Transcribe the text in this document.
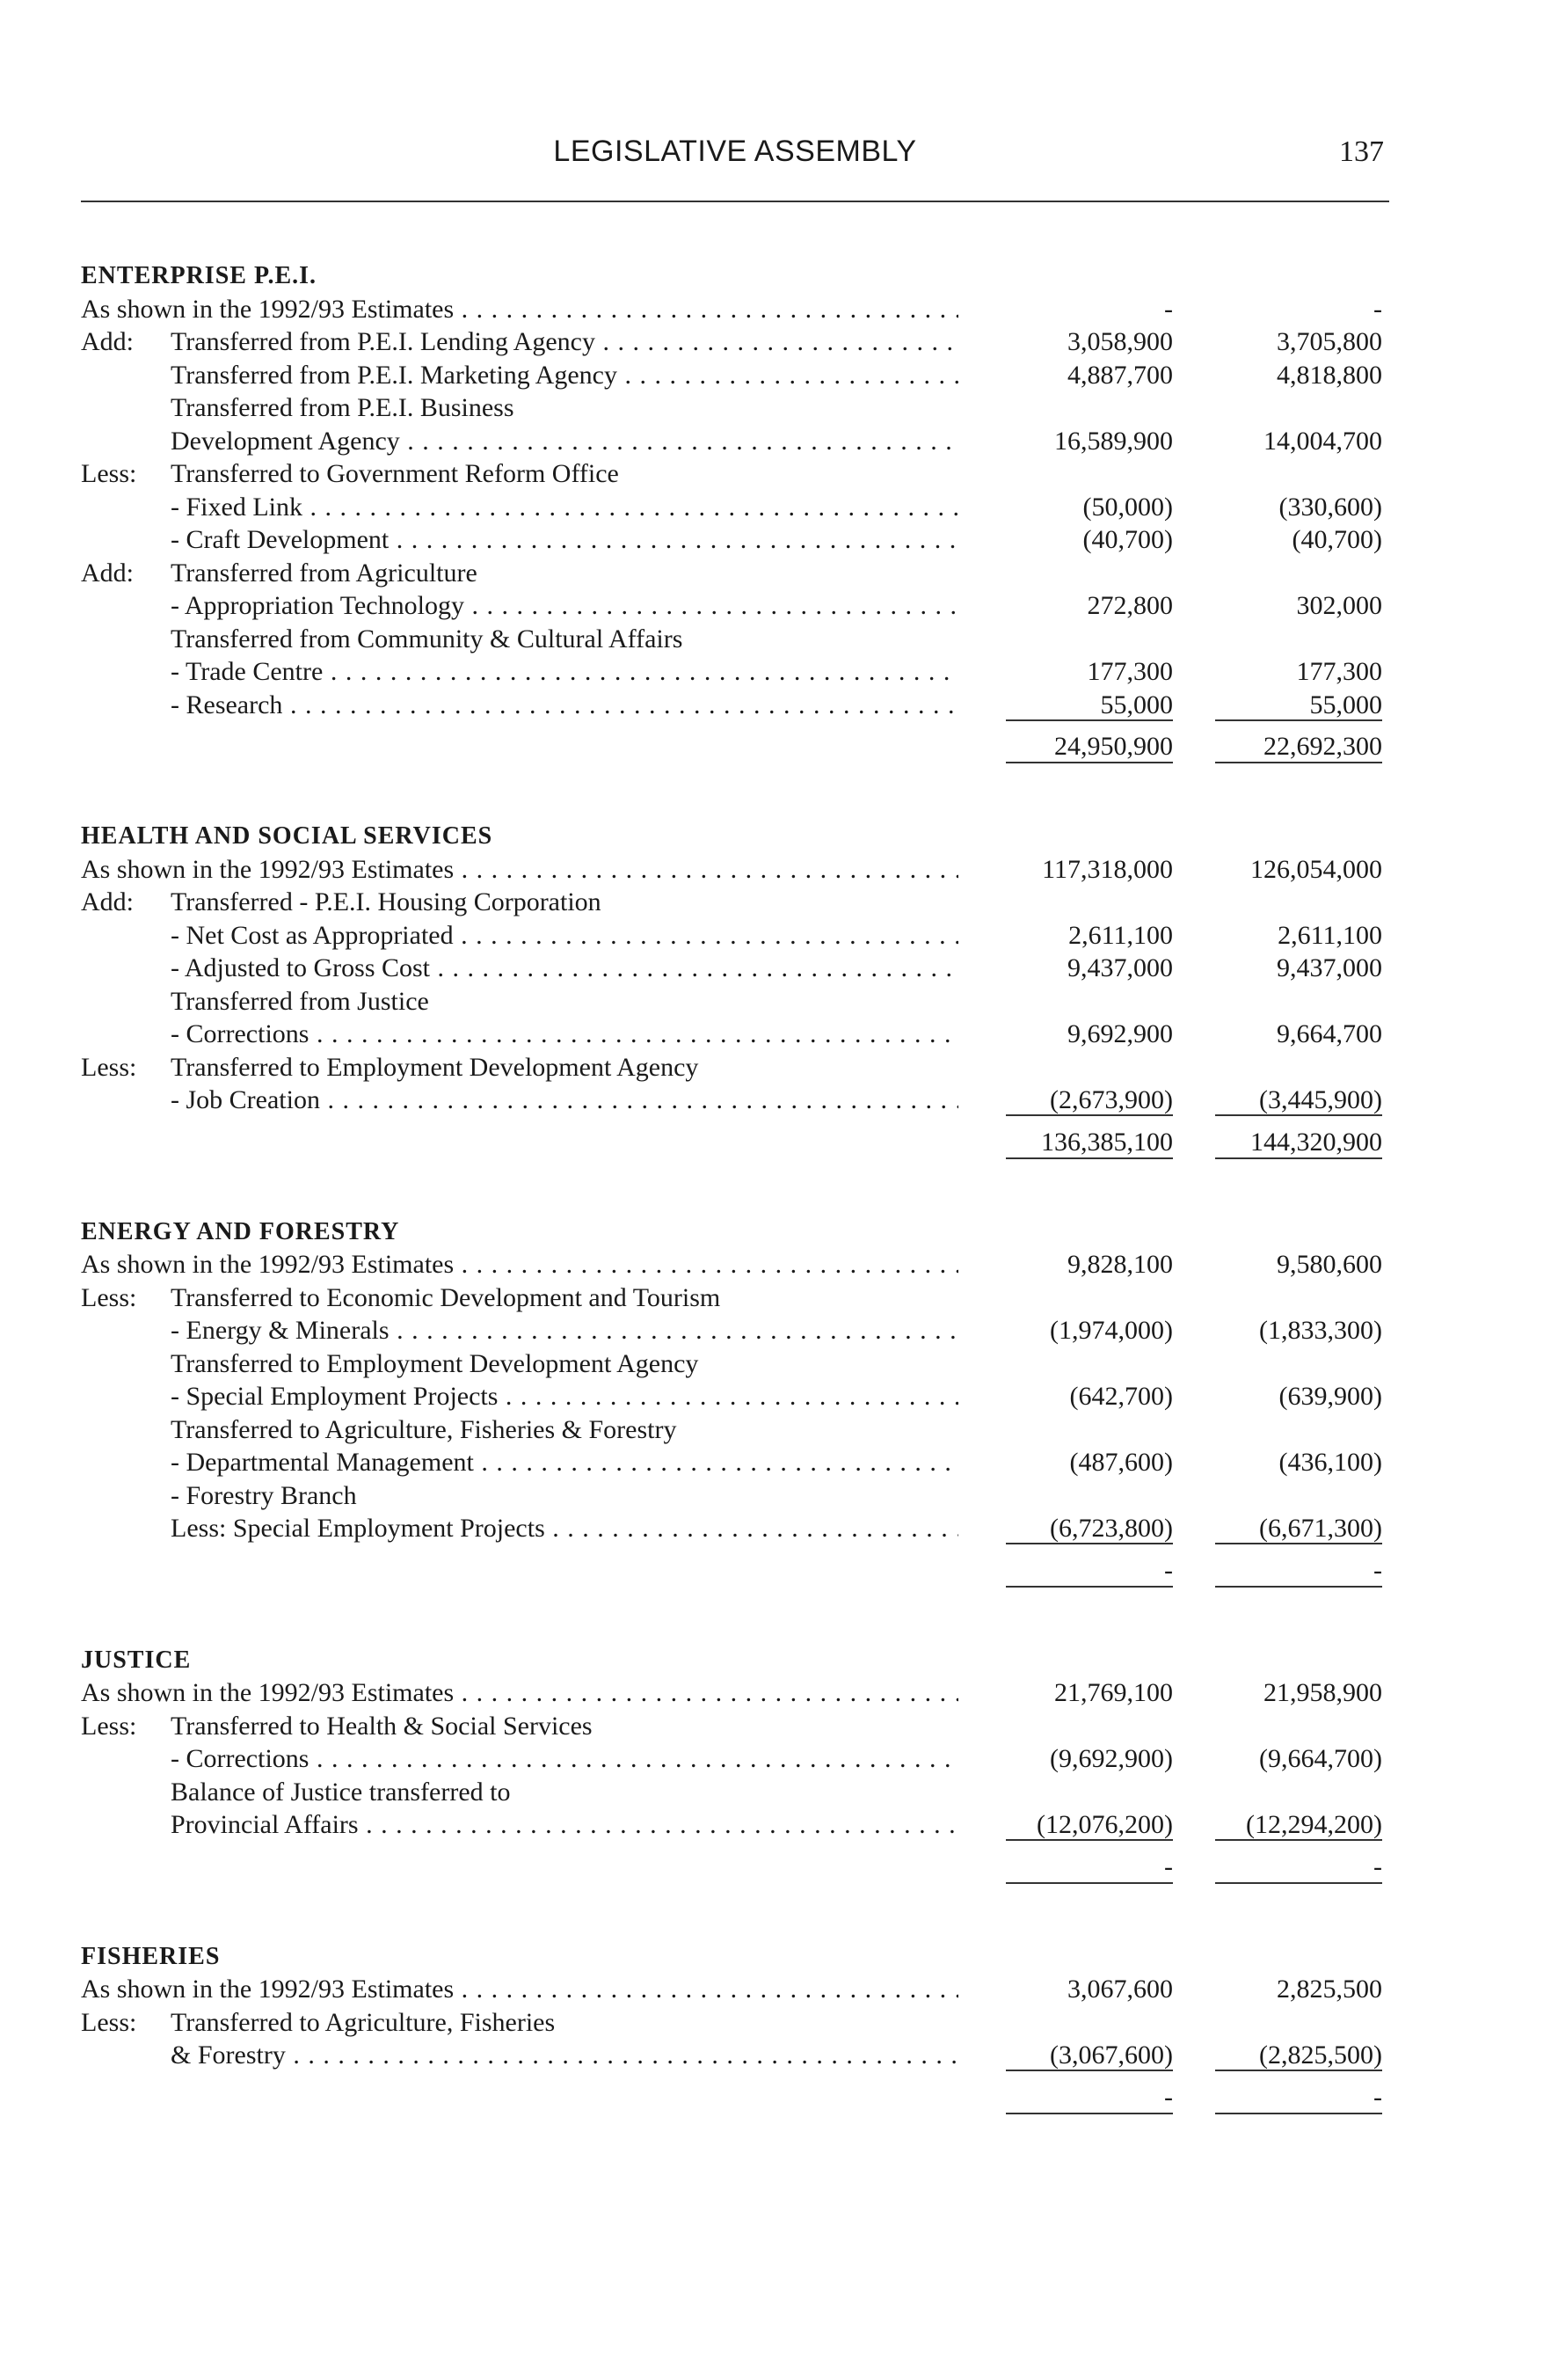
LEGISLATIVE ASSEMBLY	137
ENTERPRISE P.E.I.
As shown in the 1992/93 Estimates . . .	-	-
Add: Transferred from P.E.I. Lending Agency . . .	3,058,900	3,705,800
Transferred from P.E.I. Marketing Agency . . .	4,887,700	4,818,800
Transferred from P.E.I. Business
Development Agency . . .	16,589,900	14,004,700
Less: Transferred to Government Reform Office
- Fixed Link . . .	(50,000)	(330,600)
- Craft Development . . .	(40,700)	(40,700)
Add: Transferred from Agriculture
- Appropriation Technology . . .	272,800	302,000
Transferred from Community & Cultural Affairs
- Trade Centre . . .	177,300	177,300
- Research . . .	55,000	55,000
24,950,900	22,692,300
HEALTH AND SOCIAL SERVICES
As shown in the 1992/93 Estimates . . .	117,318,000	126,054,000
Add: Transferred - P.E.I. Housing Corporation
- Net Cost as Appropriated . . .	2,611,100	2,611,100
- Adjusted to Gross Cost . . .	9,437,000	9,437,000
Transferred from Justice
- Corrections . . .	9,692,900	9,664,700
Less: Transferred to Employment Development Agency
- Job Creation . . .	(2,673,900)	(3,445,900)
136,385,100	144,320,900
ENERGY AND FORESTRY
As shown in the 1992/93 Estimates . . .	9,828,100	9,580,600
Less: Transferred to Economic Development and Tourism
- Energy & Minerals . . .	(1,974,000)	(1,833,300)
Transferred to Employment Development Agency
- Special Employment Projects . . .	(642,700)	(639,900)
Transferred to Agriculture, Fisheries & Forestry
- Departmental Management . . .	(487,600)	(436,100)
- Forestry Branch
Less: Special Employment Projects . . .	(6,723,800)	(6,671,300)
-	-
JUSTICE
As shown in the 1992/93 Estimates . . .	21,769,100	21,958,900
Less: Transferred to Health & Social Services
- Corrections . . .	(9,692,900)	(9,664,700)
Balance of Justice transferred to
Provincial Affairs . . .	(12,076,200)	(12,294,200)
-	-
FISHERIES
As shown in the 1992/93 Estimates . . .	3,067,600	2,825,500
Less: Transferred to Agriculture, Fisheries
& Forestry . . .	(3,067,600)	(2,825,500)
-	-
